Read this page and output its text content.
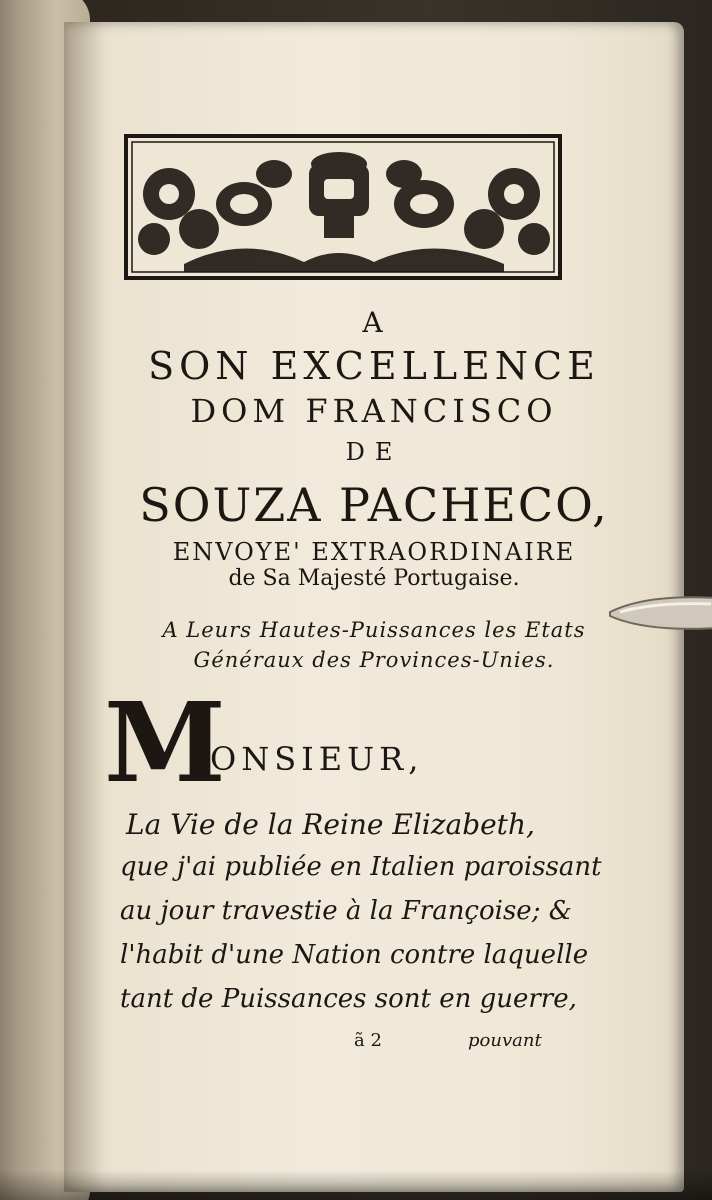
A
SON EXCELLENCE
DOM FRANCISCO
DE
SOUZA PACHECO,
ENVOYE' EXTRAORDINAIRE
de Sa Majesté Portugaise.
A Leurs Hautes-Puissances les Etats
Généraux des Provinces-Unies.
M
ONSIEUR,
La Vie de la Reine Elizabeth,
que j'ai publiée en Italien paroissant
au jour travestie à la Françoise; &
l'habit d'une Nation contre laquelle
tant de Puissances sont en guerre,
ã 2	pouvant
